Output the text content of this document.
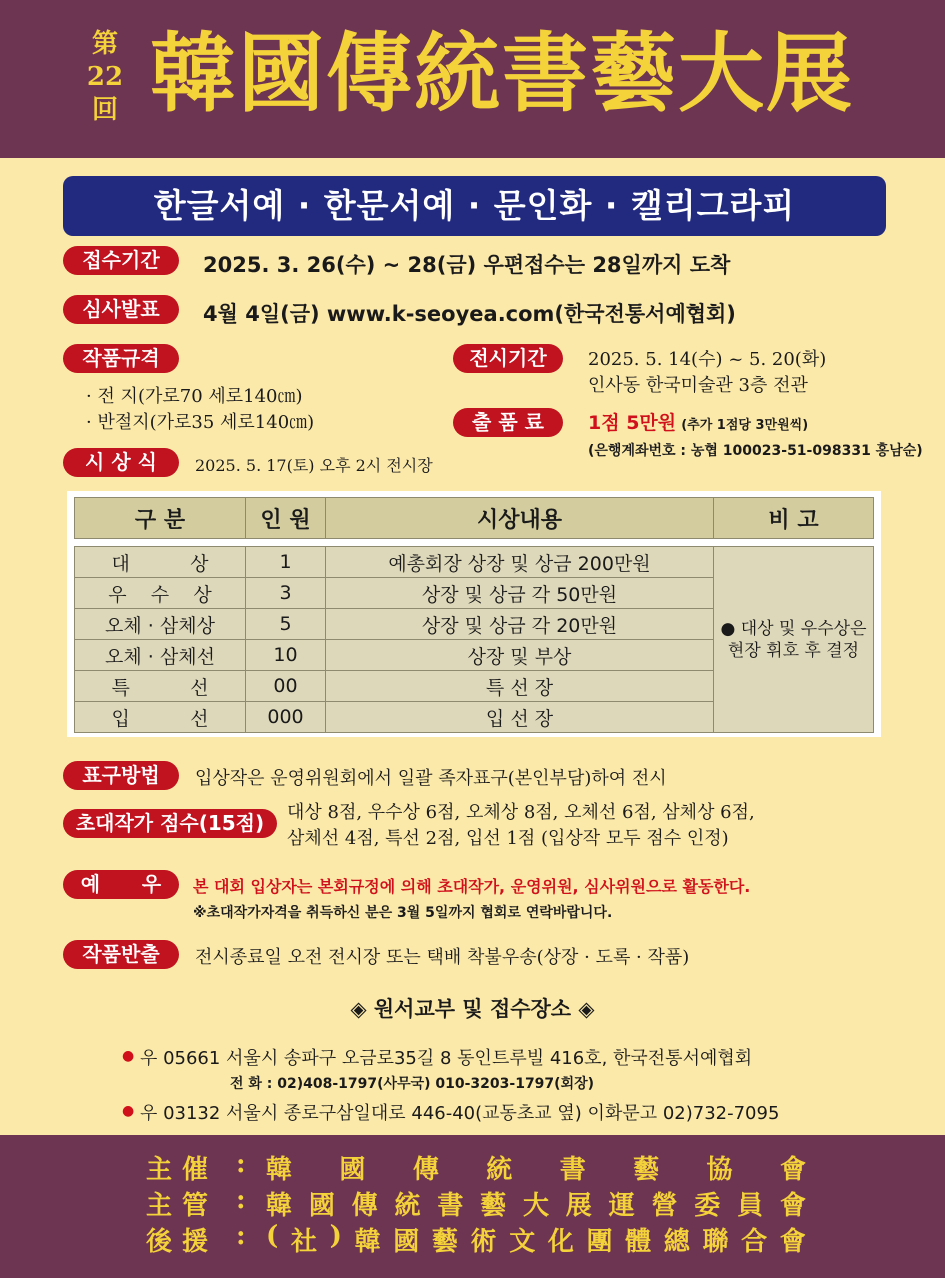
第
22
回 韓國傳統書藝大展
한글서예 · 한문서예 · 문인화 · 캘리그라피
접수기간	2025. 3. 26(수) ~ 28(금) 우편접수는 28일까지 도착
심사발표	4월 4일(금) www.k-seoyea.com(한국전통서예협회)
작품규격
· 전 지(가로70 세로140㎝)
· 반절지(가로35 세로140㎝)
전시기간	2025. 5. 14(수) ~ 5. 20(화)
인사동 한국미술관 3층 전관
출 품 료	1점 5만원 (추가 1점당 3만원씩)
(은행계좌번호 : 농협 100023-51-098331 홍남순)
시 상 식	2025. 5. 17(토) 오후 2시 전시장
구 분	인 원	시상내용	비 고

대          상	1	예총회장 상장 및 상금 200만원	● 대상 및 우수상은
현장 휘호 후 결정

우    수    상	3	상장 및 상금 각 50만원	
오체 · 삼체상	5	상장 및 상금 각 20만원	
오체 · 삼체선	10	상장 및 부상	
특          선	00	특 선 장	
입          선	000	입 선 장	
표구방법	입상작은 운영위원회에서 일괄 족자표구(본인부담)하여 전시
초대작가 점수(15점)	대상 8점, 우수상 6점, 오체상 8점, 오체선 6점, 삼체상 6점,
삼체선 4점, 특선 2점, 입선 1점 (입상작 모두 점수 인정)
예      우	본 대회 입상자는 본회규정에 의해 초대작가, 운영위원, 심사위원으로 활동한다.
※초대작가자격을 취득하신 분은 3월 5일까지 협회로 연락바랍니다.
작품반출	전시종료일 오전 전시장 또는 택배 착불우송(상장 · 도록 · 작품)
◈ 원서교부 및 접수장소 ◈
● 우 05661 서울시 송파구 오금로35길 8 동인트루빌 416호, 한국전통서예협회
전 화 : 02)408-1797(사무국) 010-3203-1797(회장)
● 우 03132 서울시 종로구삼일대로 446-40(교동초교 옆) 이화문고 02)732-7095
主催 : 韓 國 傳 統 書 藝 協 會
主管 : 韓 國 傳 統 書 藝 大 展 運 營 委 員 會
後援 : ( 社 ) 韓 國 藝 術 文 化 團 體 總 聯 合 會
